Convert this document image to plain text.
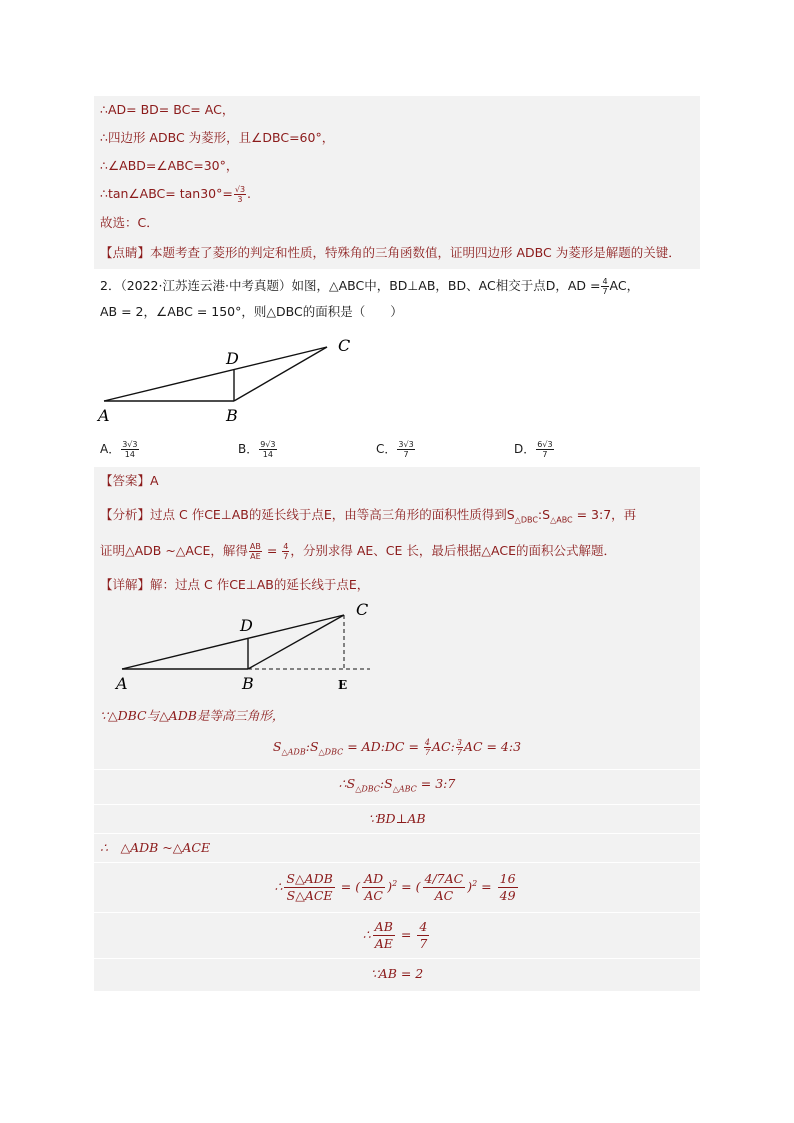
∴AD= BD= BC= AC，
∴四边形 ADBC 为菱形，且∠DBC=60°，
∴∠ABD=∠ABC=30°，
∴tan∠ABC= $\tan 30^\circ= \frac{√3}{3}$ .
故选：C．
【点睛】本题考查了菱形的判定和性质，特殊角的三角函数值，证明四边形 ADBC 为菱形是解题的关键．
2．（2022·江苏连云港·中考真题）如图，△ABC中，BD⊥AB，BD、AC相交于点D，AD = $\frac{4}{7}$ AC，
AB = 2，∠ABC = 150°，则△DBC的面积是（　　）
A	B
C
D
A． $\frac{3√3}{14}$	B． $\frac{9√3}{14}$	C． $\frac{3√3}{7}$	D． $\frac{6√3}{7}$
【答案】A
【分析】过点 C 作CE⊥AB的延长线于点E，由等高三角形的面积性质得到$S_{\triangle DBC}:S_{\triangle ABC}$ = 3:7，再
证明△ADB ~△ACE，解得 $\frac{AB}{AE} = \frac{4}{7}$ ，分别求得 AE、CE 长，最后根据△ACE的面积公式解题．
【详解】解：过点 C 作CE⊥AB的延长线于点E，
A	B
C
D
E
∵△DBC与△ADB是等高三角形，
$S_{\triangle ADB}:S_{\triangle DBC}$ = AD:DC = $\frac{4}{7}$ AC: $\frac{3}{7}$ AC = 4:3
$\therefore S_{\triangle DBC}:S_{\triangle ABC}$ = 3:7
∵BD⊥AB
∴　△ADB ~△ACE
∴ $\frac{\text{S△ADB}}{\text{S△ACE}}$ = ( $\frac{AD}{AC} )^2$ = ( $\frac{4/7AC}{AC} )^2 = \frac{16}{49}$
∴ $\frac{AB}{AE} = \frac{4}{7}$
∵AB = 2
